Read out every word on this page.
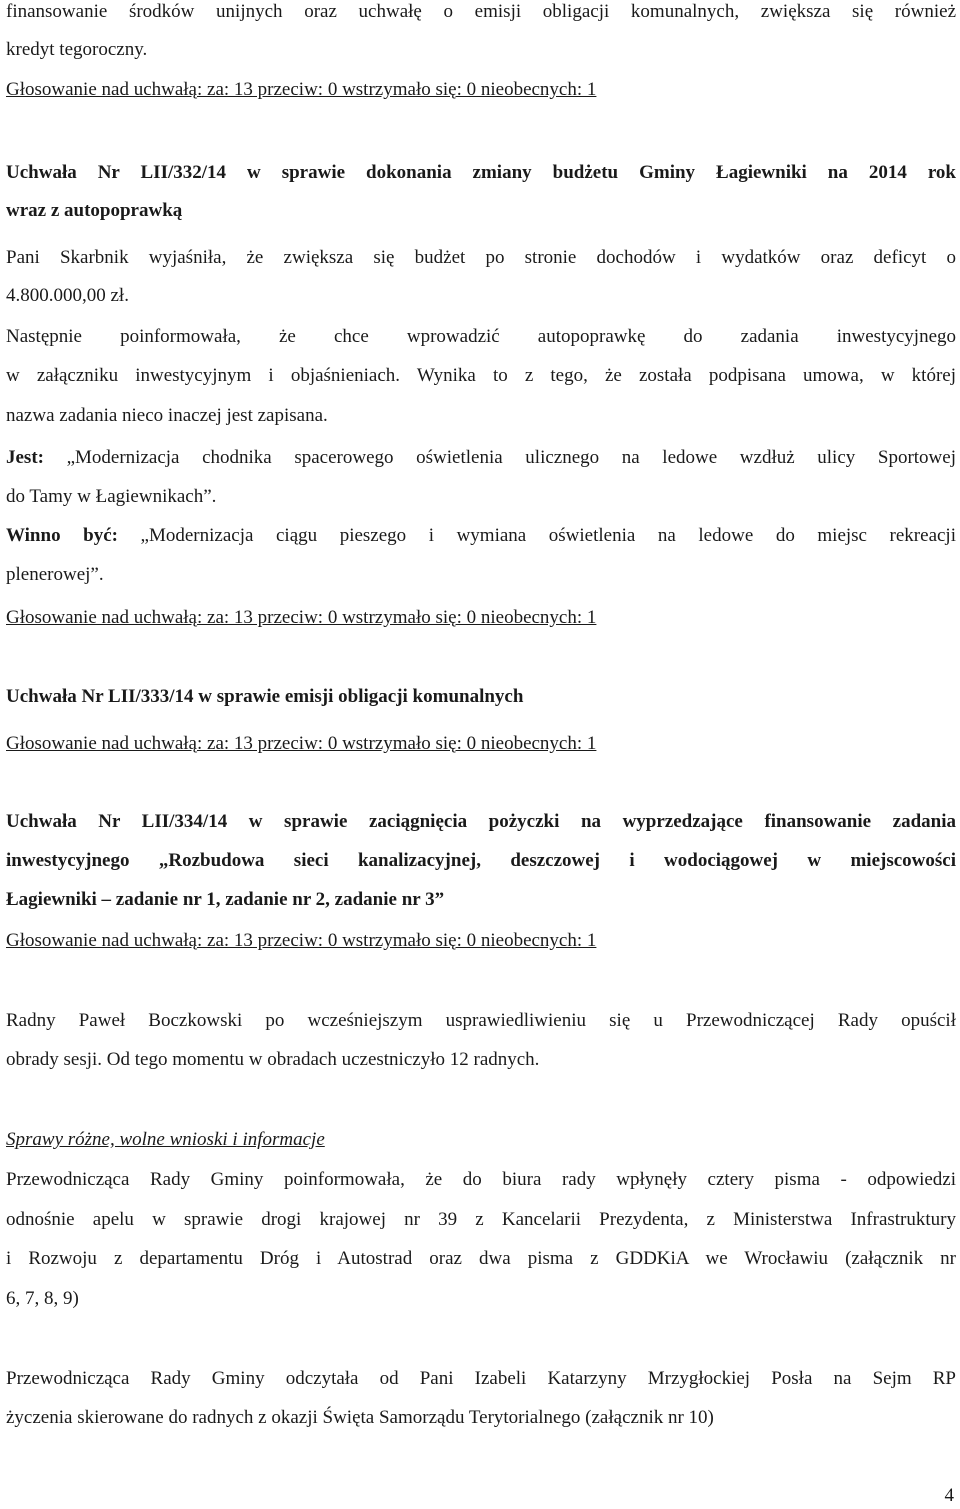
finansowanie środków unijnych oraz uchwałę o emisji obligacji komunalnych, zwiększa się również
kredyt tegoroczny.
Głosowanie nad uchwałą: za: 13 przeciw: 0 wstrzymało się: 0 nieobecnych: 1
Uchwała Nr LII/332/14 w sprawie dokonania zmiany budżetu Gminy Łagiewniki na 2014 rok
wraz z autopoprawką
Pani Skarbnik wyjaśniła, że zwiększa się budżet po stronie dochodów i wydatków oraz deficyt o
4.800.000,00 zł.
Następnie poinformowała, że chce wprowadzić autopoprawkę do zadania inwestycyjnego
w załączniku inwestycyjnym i objaśnieniach. Wynika to z tego, że została podpisana umowa, w której
nazwa zadania nieco inaczej jest zapisana.
Jest: „Modernizacja chodnika spacerowego oświetlenia ulicznego na ledowe wzdłuż ulicy Sportowej
do Tamy w Łagiewnikach”.
Winno być: „Modernizacja ciągu pieszego i wymiana oświetlenia na ledowe do miejsc rekreacji
plenerowej”.
Głosowanie nad uchwałą: za: 13 przeciw: 0 wstrzymało się: 0 nieobecnych: 1
Uchwała Nr LII/333/14 w sprawie emisji obligacji komunalnych
Głosowanie nad uchwałą: za: 13 przeciw: 0 wstrzymało się: 0 nieobecnych: 1
Uchwała Nr LII/334/14 w sprawie zaciągnięcia pożyczki na wyprzedzające finansowanie zadania
inwestycyjnego „Rozbudowa sieci kanalizacyjnej, deszczowej i wodociągowej w miejscowości
Łagiewniki – zadanie nr 1, zadanie nr 2, zadanie nr 3”
Głosowanie nad uchwałą: za: 13 przeciw: 0 wstrzymało się: 0 nieobecnych: 1
Radny Paweł Boczkowski po wcześniejszym usprawiedliwieniu się u Przewodniczącej Rady opuścił
obrady sesji. Od tego momentu w obradach uczestniczyło 12 radnych.
Sprawy różne, wolne wnioski i informacje
Przewodnicząca Rady Gminy poinformowała, że do biura rady wpłynęły cztery pisma - odpowiedzi
odnośnie apelu w sprawie drogi krajowej nr 39 z Kancelarii Prezydenta, z Ministerstwa Infrastruktury
i Rozwoju z departamentu Dróg i Autostrad oraz dwa pisma z GDDKiA we Wrocławiu (załącznik nr
6, 7, 8, 9)
Przewodnicząca Rady Gminy odczytała od Pani Izabeli Katarzyny Mrzygłockiej Posła na Sejm RP
życzenia skierowane do radnych z okazji Święta Samorządu Terytorialnego (załącznik nr 10)
4
